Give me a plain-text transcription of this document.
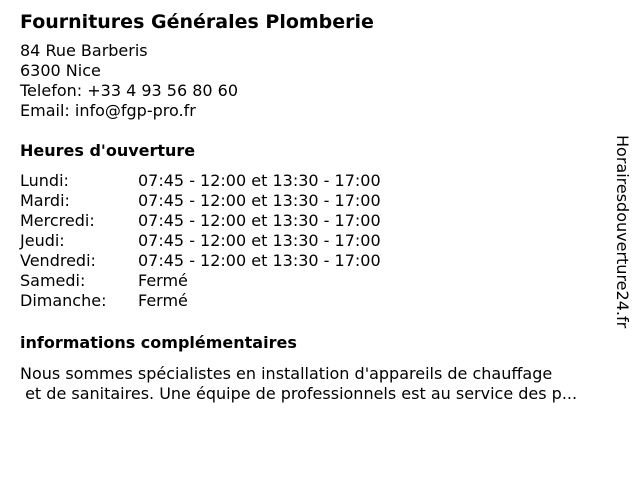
Fournitures Générales Plomberie
84 Rue Barberis
6300 Nice
Telefon: +33 4 93 56 80 60
Email: info@fgp-pro.fr
Heures d'ouverture
Lundi:	07:45 - 12:00 et 13:30 - 17:00
Mardi:	07:45 - 12:00 et 13:30 - 17:00
Mercredi:	07:45 - 12:00 et 13:30 - 17:00
Jeudi:	07:45 - 12:00 et 13:30 - 17:00
Vendredi:	07:45 - 12:00 et 13:30 - 17:00
Samedi:	Fermé
Dimanche:	Fermé
informations complémentaires
Nous sommes spécialistes en installation d'appareils de chauffage
et de sanitaires. Une équipe de professionnels est au service des p...
Horairesdouverture24.fr
